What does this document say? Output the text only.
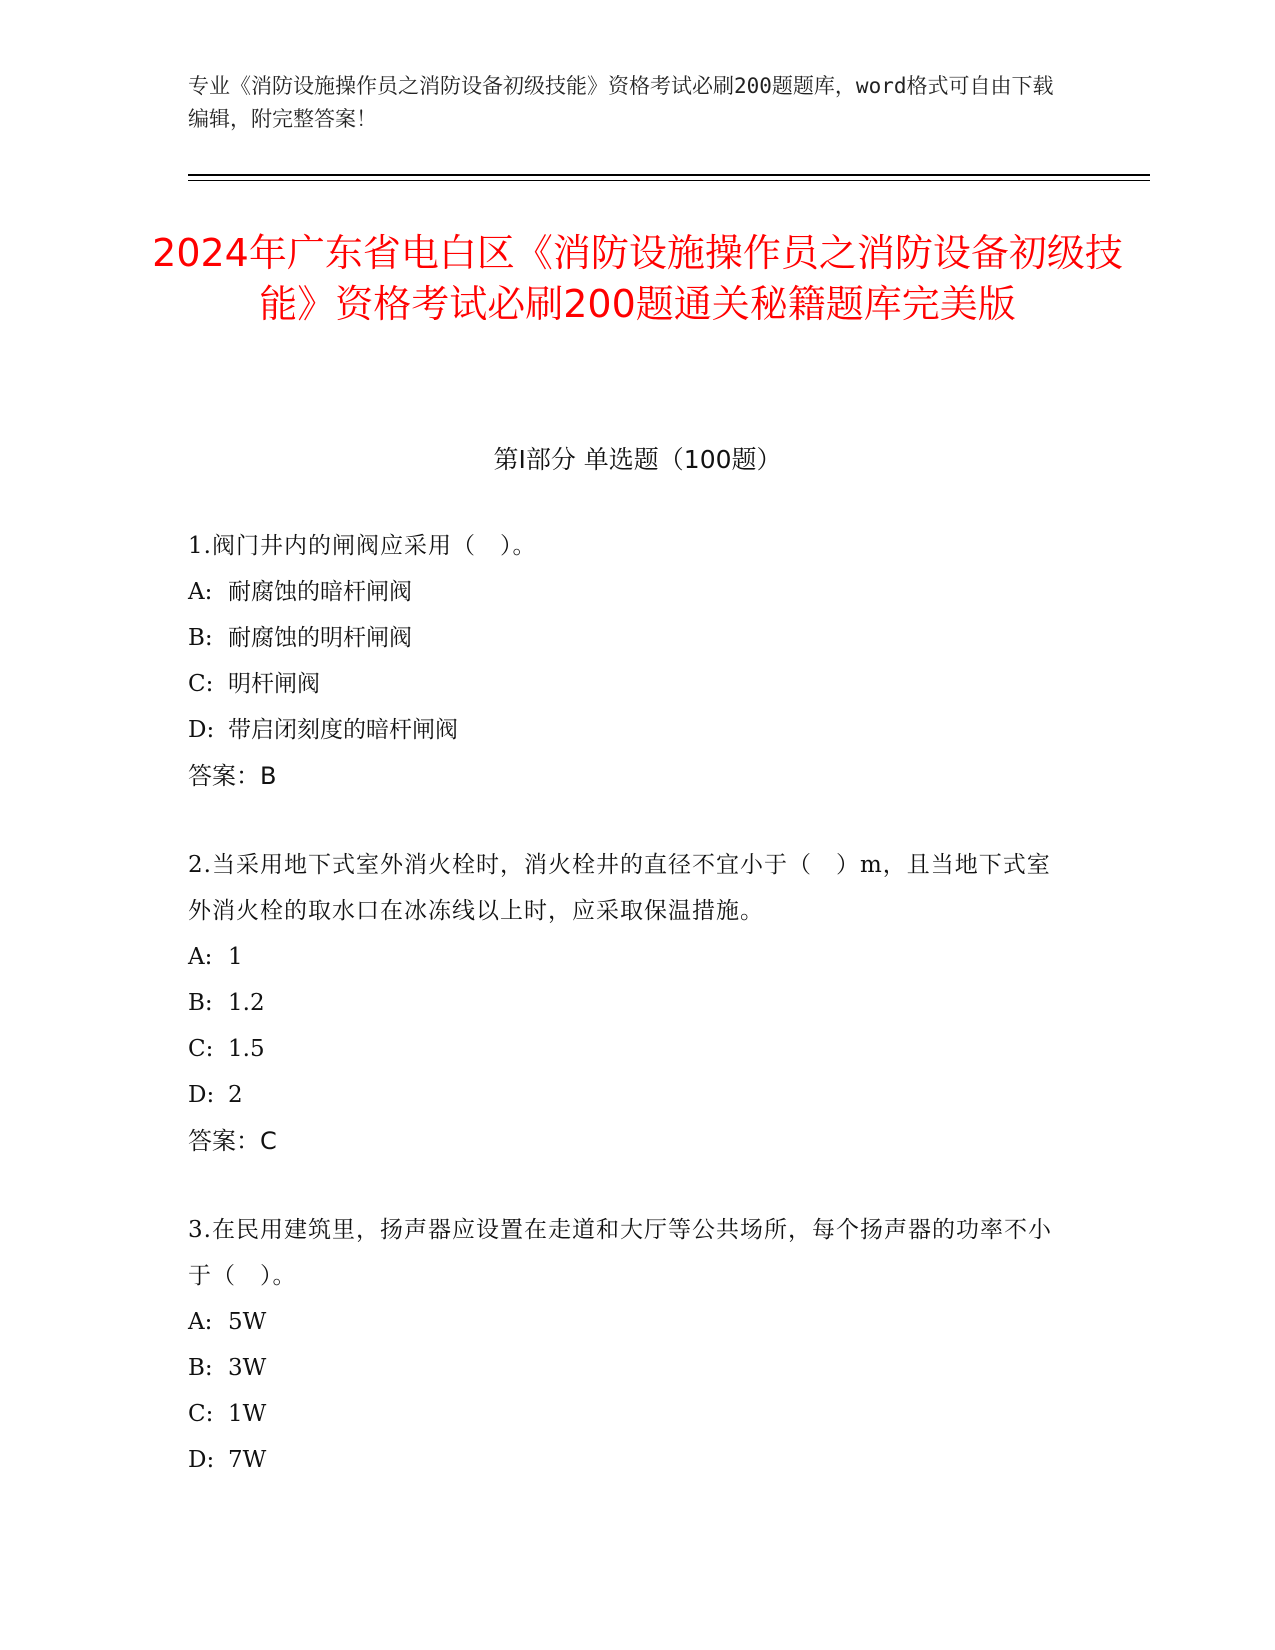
专业《消防设施操作员之消防设备初级技能》资格考试必刷200题题库，word格式可自由下载编辑，附完整答案！
2024年广东省电白区《消防设施操作员之消防设备初级技能》资格考试必刷200题通关秘籍题库完美版
第Ⅰ部分 单选题（100题）
1.阀门井内的闸阀应采用（　）。
A: 耐腐蚀的暗杆闸阀
B: 耐腐蚀的明杆闸阀
C: 明杆闸阀
D: 带启闭刻度的暗杆闸阀
答案：B
2.当采用地下式室外消火栓时，消火栓井的直径不宜小于（　）m，且当地下式室外消火栓的取水口在冰冻线以上时，应采取保温措施。
A: 1
B: 1.2
C: 1.5
D: 2
答案：C
3.在民用建筑里，扬声器应设置在走道和大厅等公共场所，每个扬声器的功率不小于（　）。
A: 5W
B: 3W
C: 1W
D: 7W
